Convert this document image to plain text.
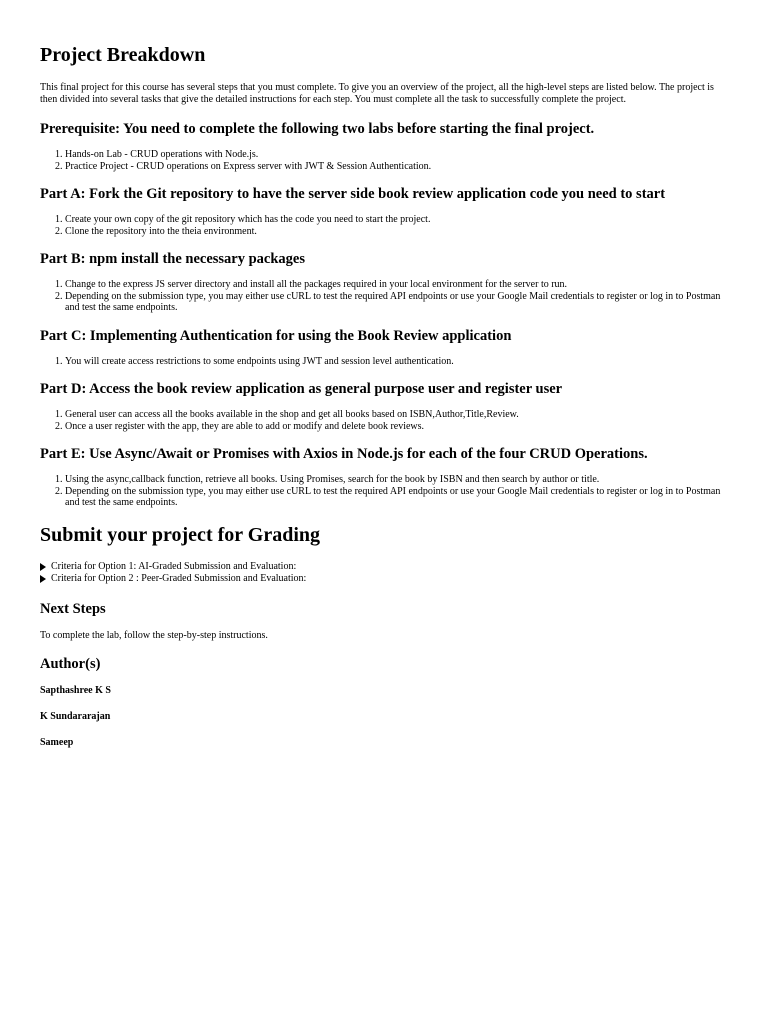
Project Breakdown

This final project for this course has several steps that you must complete. To give you an overview of the project, all the high-level steps are listed below. The project is then divided into several tasks that give the detailed instructions for each step. You must complete all the task to successfully complete the project.

Prerequisite: You need to complete the following two labs before starting the final project.
1. Hands-on Lab - CRUD operations with Node.js.
2. Practice Project - CRUD operations on Express server with JWT & Session Authentication.
Part A: Fork the Git repository to have the server side book review application code you need to start
1. Create your own copy of the git repository which has the code you need to start the project.
2. Clone the repository into the theia environment.
Part B: npm install the necessary packages
1. Change to the express JS server directory and install all the packages required in your local environment for the server to run.
2. Depending on the submission type, you may either use cURL to test the required API endpoints or use your Google Mail credentials to register or log in to Postman and test the same endpoints.
Part C: Implementing Authentication for using the Book Review application
1. You will create access restrictions to some endpoints using JWT and session level authentication.
Part D: Access the book review application as general purpose user and register user
1. General user can access all the books available in the shop and get all books based on ISBN,Author,Title,Review.
2. Once a user register with the app, they are able to add or modify and delete book reviews.
Part E: Use Async/Await or Promises with Axios in Node.js for each of the four CRUD Operations.
1. Using the async,callback function, retrieve all books. Using Promises, search for the book by ISBN and then search by author or title.
2. Depending on the submission type, you may either use cURL to test the required API endpoints or use your Google Mail credentials to register or log in to Postman and test the same endpoints.
Submit your project for Grading
Criteria for Option 1: AI-Graded Submission and Evaluation:
Criteria for Option 2 : Peer-Graded Submission and Evaluation:
Next Steps

To complete the lab, follow the step-by-step instructions.

Author(s)

Sapthashree K S

K Sundararajan

Sameep
